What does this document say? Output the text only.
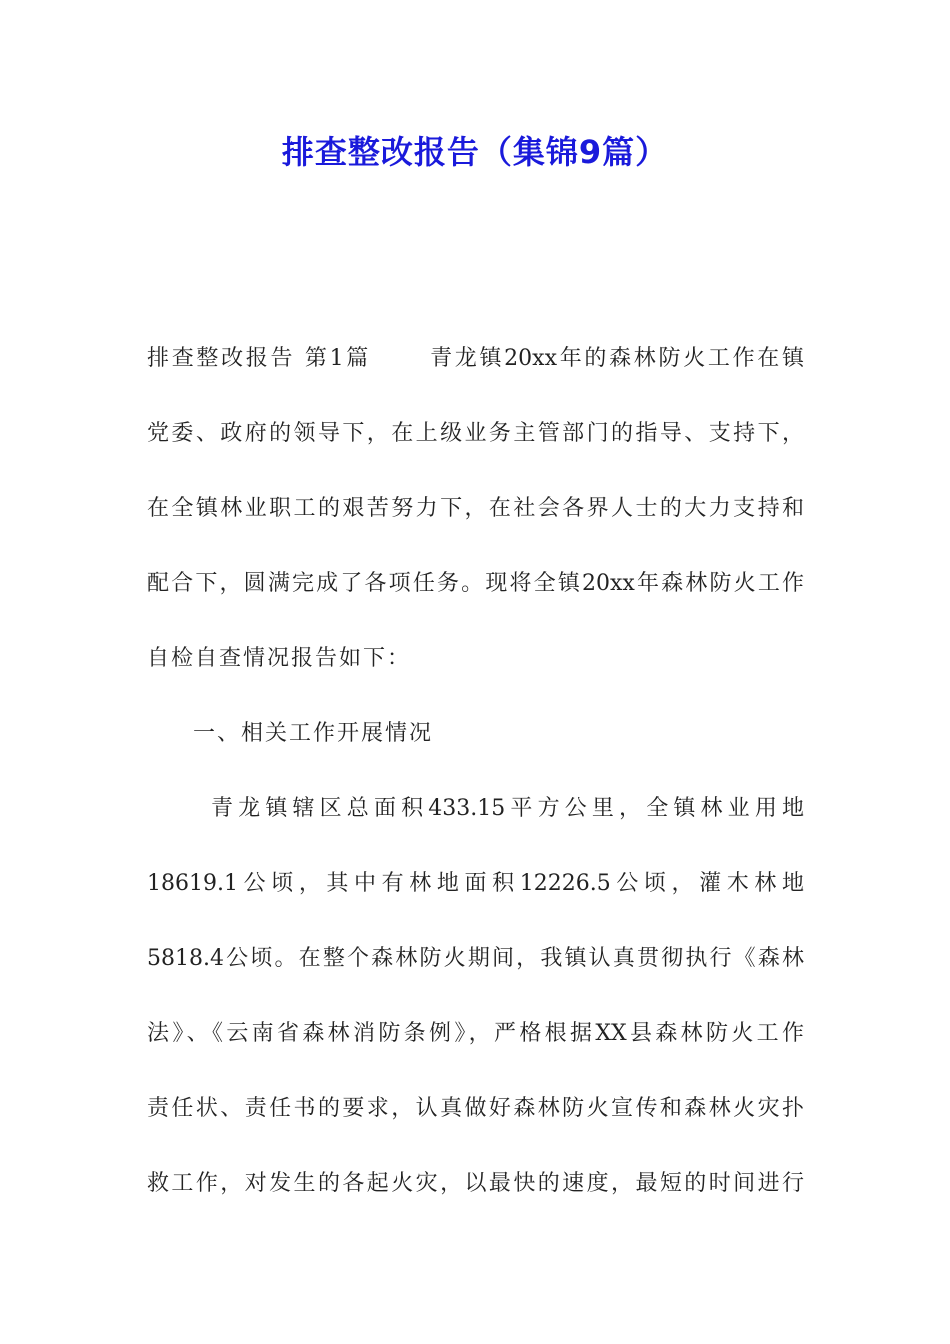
排查整改报告（集锦9篇）
排查整改报告 第1篇 　　青龙镇20xx年的森林防火工作在镇
党委、政府的领导下，在上级业务主管部门的指导、支持下，
在全镇林业职工的艰苦努力下，在社会各界人士的大力支持和
配合下，圆满完成了各项任务。现将全镇20xx年森林防火工作
自检自查情况报告如下：
一、相关工作开展情况
青龙镇辖区总面积433.15平方公里，全镇林业用地
18619.1公顷，其中有林地面积12226.5公顷，灌木林地
5818.4公顷。在整个森林防火期间，我镇认真贯彻执行《森林
法》、《云南省森林消防条例》，严格根据XX县森林防火工作
责任状、责任书的要求，认真做好森林防火宣传和森林火灾扑
救工作，对发生的各起火灾，以最快的速度，最短的时间进行
